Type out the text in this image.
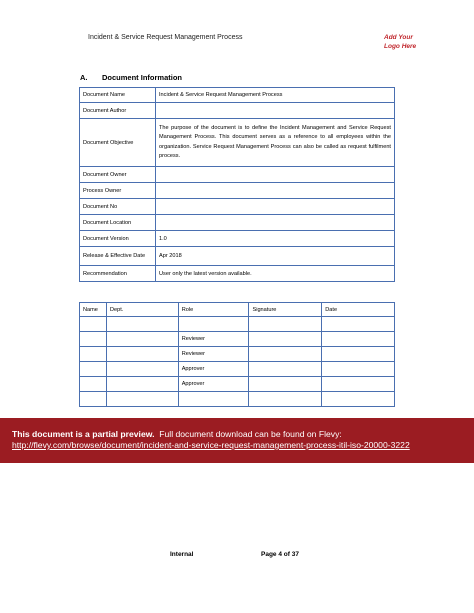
Incident & Service Request Management Process	Add Your
Logo Here
A. Document Information
Document Name	Incident & Service Request Management Process
Document Author	
Document Objective	The purpose of the document is to define the Incident Management and Service Request Management Process. This document serves as a reference to all employees within the organization. Service Request Management Process can also be called as request fulfilment process.
Document Owner	
Process Owner	
Document No	
Document Location	
Document Version	1.0
Release & Effective Date	Apr 2018
Recommendation	User only the latest version available.
Name	Dept.	Role	Signature	Date

		Reviewer		
		Reviewer		
		Approver		
		Approver		

This document is a partial preview. Full document download can be found on Flevy:
http://flevy.com/browse/document/incident-and-service-request-management-process-itil-iso-20000-3222
Internal	Page 4 of 37
